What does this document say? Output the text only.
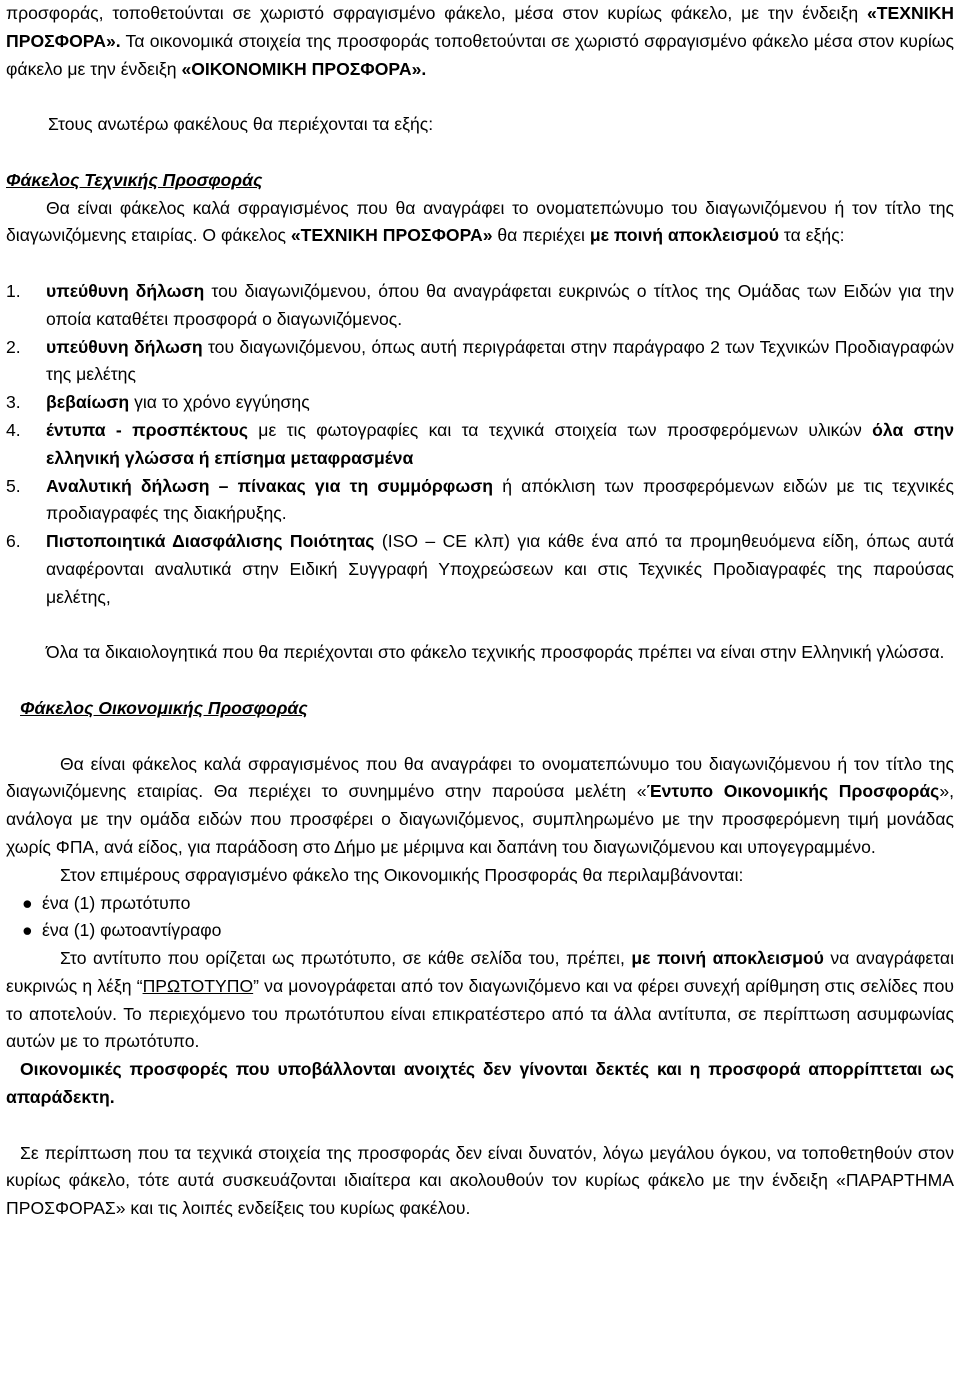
προσφοράς, τοποθετούνται σε χωριστό σφραγισμένο φάκελο, μέσα στον κυρίως φάκελο, με την ένδειξη «ΤΕΧΝΙΚΗ ΠΡΟΣΦΟΡΑ». Τα οικονομικά στοιχεία της προσφοράς τοποθετούνται σε χωριστό σφραγισμένο φάκελο μέσα στον κυρίως φάκελο με την ένδειξη «ΟΙΚΟΝΟΜΙΚΗ ΠΡΟΣΦΟΡΑ».

Στους ανωτέρω φακέλους θα περιέχονται τα εξής:

Φάκελος Τεχνικής Προσφοράς

Θα είναι φάκελος καλά σφραγισμένος που θα αναγράφει το ονοματεπώνυμο του διαγωνιζόμενου ή τον τίτλο της διαγωνιζόμενης εταιρίας. Ο φάκελος «ΤΕΧΝΙΚΗ ΠΡΟΣΦΟΡΑ» θα περιέχει με ποινή αποκλεισμού τα εξής:

1.	υπεύθυνη δήλωση του διαγωνιζόμενου, όπου θα αναγράφεται ευκρινώς ο τίτλος της Ομάδας των Ειδών για την οποία καταθέτει προσφορά ο διαγωνιζόμενος.
2.	υπεύθυνη δήλωση του διαγωνιζόμενου, όπως αυτή περιγράφεται στην παράγραφο 2 των Τεχνικών Προδιαγραφών της μελέτης
3.	βεβαίωση για το χρόνο εγγύησης
4.	έντυπα - προσπέκτους με τις φωτογραφίες και τα τεχνικά στοιχεία των προσφερόμενων υλικών όλα στην ελληνική γλώσσα ή επίσημα μεταφρασμένα
5.	Αναλυτική δήλωση – πίνακας για τη συμμόρφωση ή απόκλιση των προσφερόμενων ειδών με τις τεχνικές προδιαγραφές της διακήρυξης.
6.	Πιστοποιητικά Διασφάλισης Ποιότητας (ISO – CE κλπ) για κάθε ένα από τα προμηθευόμενα είδη, όπως αυτά αναφέρονται αναλυτικά στην Ειδική Συγγραφή Υποχρεώσεων και στις Τεχνικές Προδιαγραφές της παρούσας μελέτης,

Όλα τα δικαιολογητικά που θα περιέχονται στο φάκελο τεχνικής προσφοράς πρέπει να είναι στην Ελληνική γλώσσα.

Φάκελος Οικονομικής Προσφοράς

Θα είναι φάκελος καλά σφραγισμένος που θα αναγράφει το ονοματεπώνυμο του διαγωνιζόμενου ή τον τίτλο της διαγωνιζόμενης εταιρίας. Θα περιέχει το συνημμένο στην παρούσα μελέτη «Έντυπο Οικονομικής Προσφοράς», ανάλογα με την ομάδα ειδών που προσφέρει ο διαγωνιζόμενος, συμπληρωμένο με την προσφερόμενη τιμή μονάδας χωρίς ΦΠΑ, ανά είδος, για παράδοση στο Δήμο με μέριμνα και δαπάνη του διαγωνιζόμενου και υπογεγραμμένο.

Στον επιμέρους σφραγισμένο φάκελο της Οικονομικής Προσφοράς θα περιλαμβάνονται:

● ένα (1) πρωτότυπο
● ένα (1) φωτοαντίγραφο

Στο αντίτυπο που ορίζεται ως πρωτότυπο, σε κάθε σελίδα του, πρέπει, με ποινή αποκλεισμού να αναγράφεται ευκρινώς η λέξη “ΠΡΩΤΟΤΥΠΟ” να μονογράφεται από τον διαγωνιζόμενο και να φέρει συνεχή αρίθμηση στις σελίδες που το αποτελούν. Το περιεχόμενο του πρωτότυπου είναι επικρατέστερο από τα άλλα αντίτυπα, σε περίπτωση ασυμφωνίας αυτών με το πρωτότυπο.

Οικονομικές προσφορές που υποβάλλονται ανοιχτές δεν γίνονται δεκτές και η προσφορά απορρίπτεται ως απαράδεκτη.

Σε περίπτωση που τα τεχνικά στοιχεία της προσφοράς δεν είναι δυνατόν, λόγω μεγάλου όγκου, να τοποθετηθούν στον κυρίως φάκελο, τότε αυτά συσκευάζονται ιδιαίτερα και ακολουθούν τον κυρίως φάκελο με την ένδειξη «ΠΑΡΑΡΤΗΜΑ ΠΡΟΣΦΟΡΑΣ» και τις λοιπές ενδείξεις του κυρίως φακέλου.
